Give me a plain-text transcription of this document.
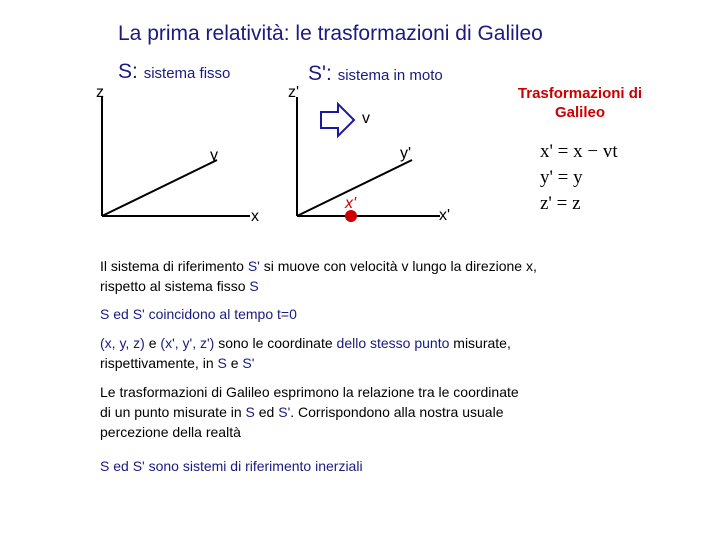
La prima relatività: le trasformazioni di Galileo
S: sistema fisso	S': sistema in moto
z
y
x
z'
y'
x'
x'
v
Trasformazioni di Galileo
x' = x − vt
y' = y
z' = z
Il sistema di riferimento S' si muove con velocità v lungo la direzione x,
rispetto al sistema fisso S
S ed S' coincidono al tempo t=0
(x, y, z) e (x', y', z') sono le coordinate dello stesso punto misurate,
rispettivamente, in S e S'
Le trasformazioni di Galileo esprimono la relazione tra le coordinate
di un punto misurate in S ed S'. Corrispondono alla nostra usuale
percezione della realtà
S ed S' sono sistemi di riferimento inerziali
